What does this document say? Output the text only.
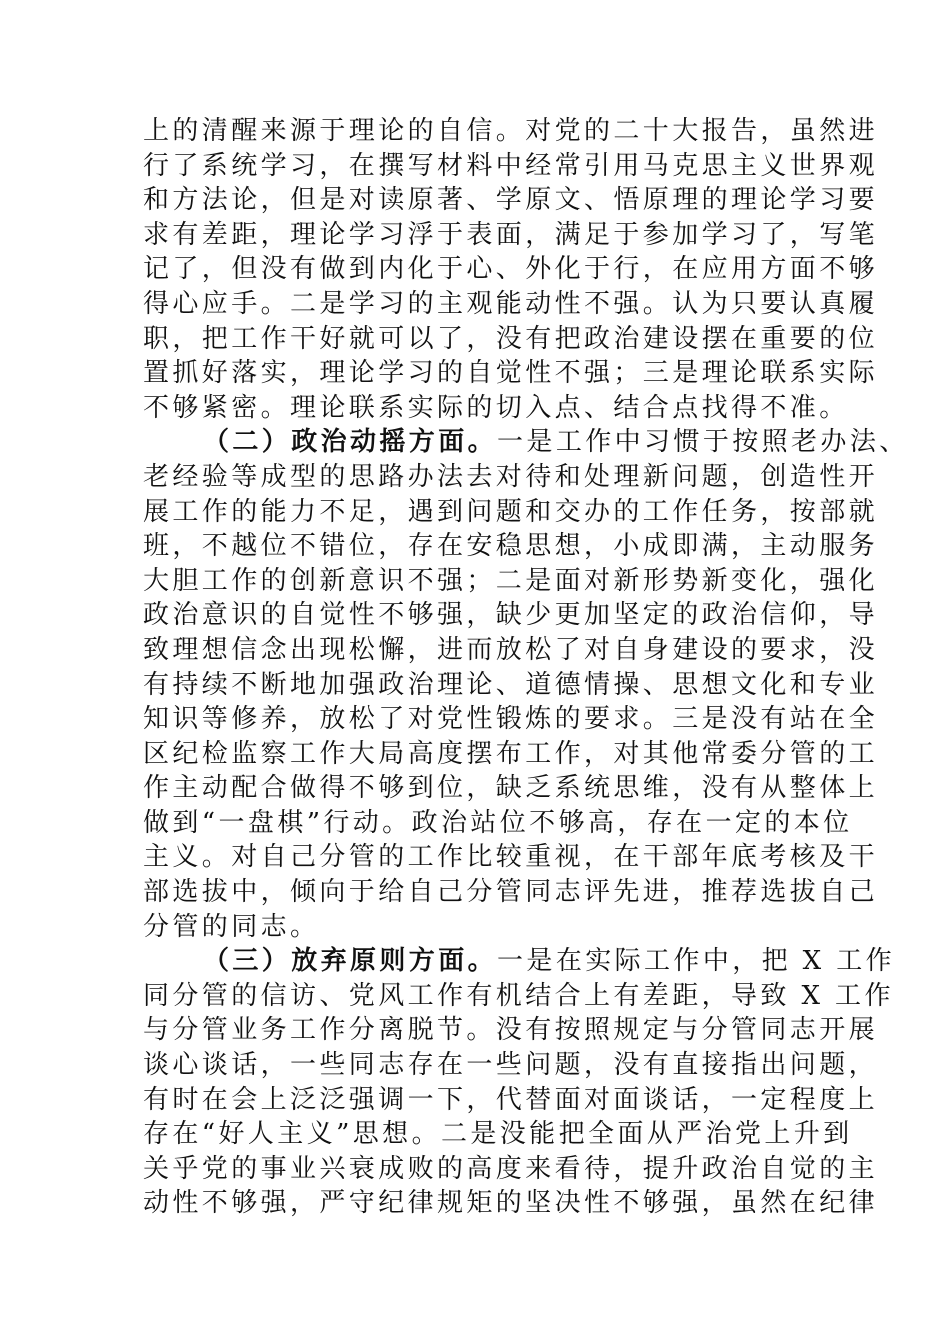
上的清醒来源于理论的自信。对党的二十大报告，虽然进
行了系统学习，在撰写材料中经常引用马克思主义世界观
和方法论，但是对读原著、学原文、悟原理的理论学习要
求有差距，理论学习浮于表面，满足于参加学习了，写笔
记了，但没有做到内化于心、外化于行，在应用方面不够
得心应手。二是学习的主观能动性不强。认为只要认真履
职，把工作干好就可以了，没有把政治建设摆在重要的位
置抓好落实，理论学习的自觉性不强；三是理论联系实际
不够紧密。理论联系实际的切入点、结合点找得不准。
（二）政治动摇方面。一是工作中习惯于按照老办法、
老经验等成型的思路办法去对待和处理新问题，创造性开
展工作的能力不足，遇到问题和交办的工作任务，按部就
班，不越位不错位，存在安稳思想，小成即满，主动服务
大胆工作的创新意识不强；二是面对新形势新变化，强化
政治意识的自觉性不够强，缺少更加坚定的政治信仰，导
致理想信念出现松懈，进而放松了对自身建设的要求，没
有持续不断地加强政治理论、道德情操、思想文化和专业
知识等修养，放松了对党性锻炼的要求。三是没有站在全
区纪检监察工作大局高度摆布工作，对其他常委分管的工
作主动配合做得不够到位，缺乏系统思维，没有从整体上
做到“一盘棋”行动。政治站位不够高，存在一定的本位
主义。对自己分管的工作比较重视，在干部年底考核及干
部选拔中，倾向于给自己分管同志评先进，推荐选拔自己
分管的同志。
（三）放弃原则方面。一是在实际工作中，把 X 工作
同分管的信访、党风工作有机结合上有差距，导致 X 工作
与分管业务工作分离脱节。没有按照规定与分管同志开展
谈心谈话，一些同志存在一些问题，没有直接指出问题，
有时在会上泛泛强调一下，代替面对面谈话，一定程度上
存在“好人主义”思想。二是没能把全面从严治党上升到
关乎党的事业兴衰成败的高度来看待，提升政治自觉的主
动性不够强，严守纪律规矩的坚决性不够强，虽然在纪律
